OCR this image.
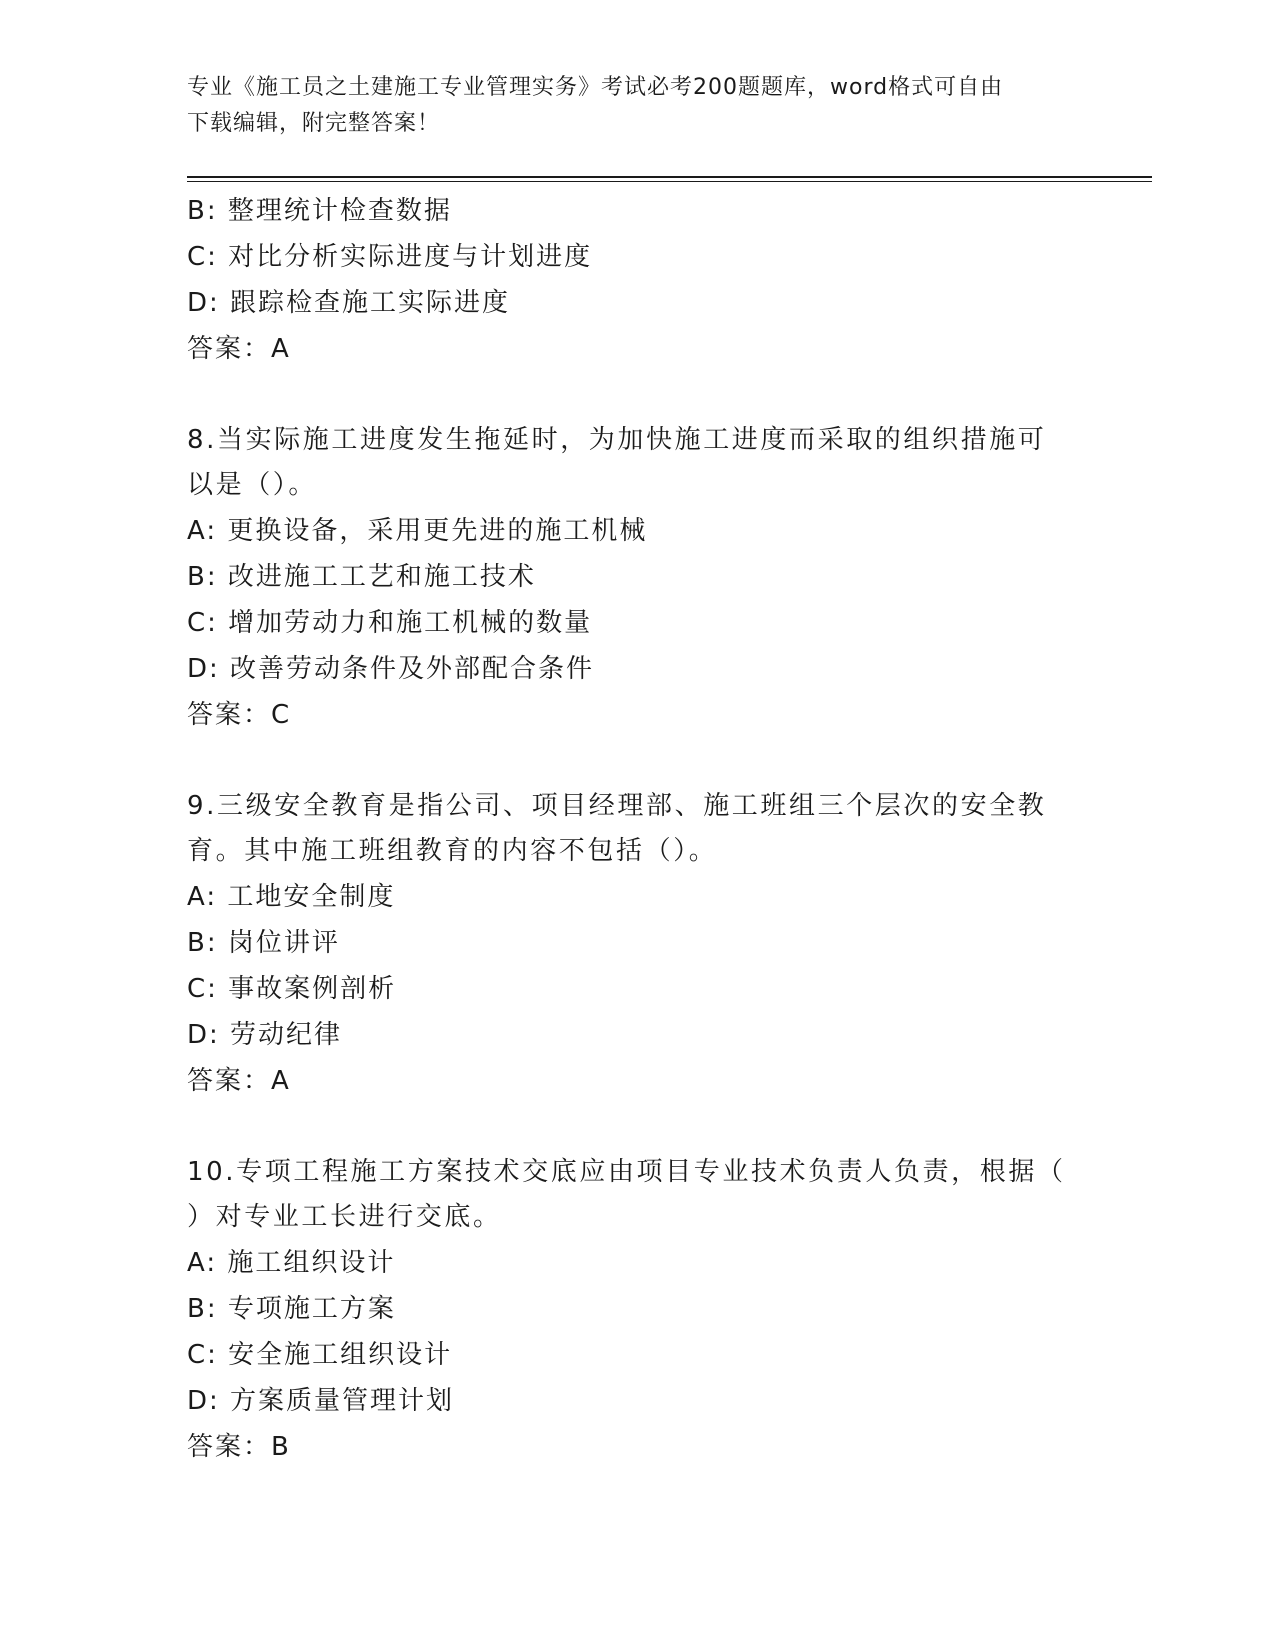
专业《施工员之土建施工专业管理实务》考试必考200题题库，word格式可自由
下载编辑，附完整答案！
B: 整理统计检查数据
C: 对比分析实际进度与计划进度
D: 跟踪检查施工实际进度
答案：A
8.当实际施工进度发生拖延时，为加快施工进度而采取的组织措施可
以是（）。
A: 更换设备，采用更先进的施工机械
B: 改进施工工艺和施工技术
C: 增加劳动力和施工机械的数量
D: 改善劳动条件及外部配合条件
答案：C
9.三级安全教育是指公司、项目经理部、施工班组三个层次的安全教
育。其中施工班组教育的内容不包括（）。
A: 工地安全制度
B: 岗位讲评
C: 事故案例剖析
D: 劳动纪律
答案：A
10.专项工程施工方案技术交底应由项目专业技术负责人负责，根据（
）对专业工长进行交底。
A: 施工组织设计
B: 专项施工方案
C: 安全施工组织设计
D: 方案质量管理计划
答案：B
